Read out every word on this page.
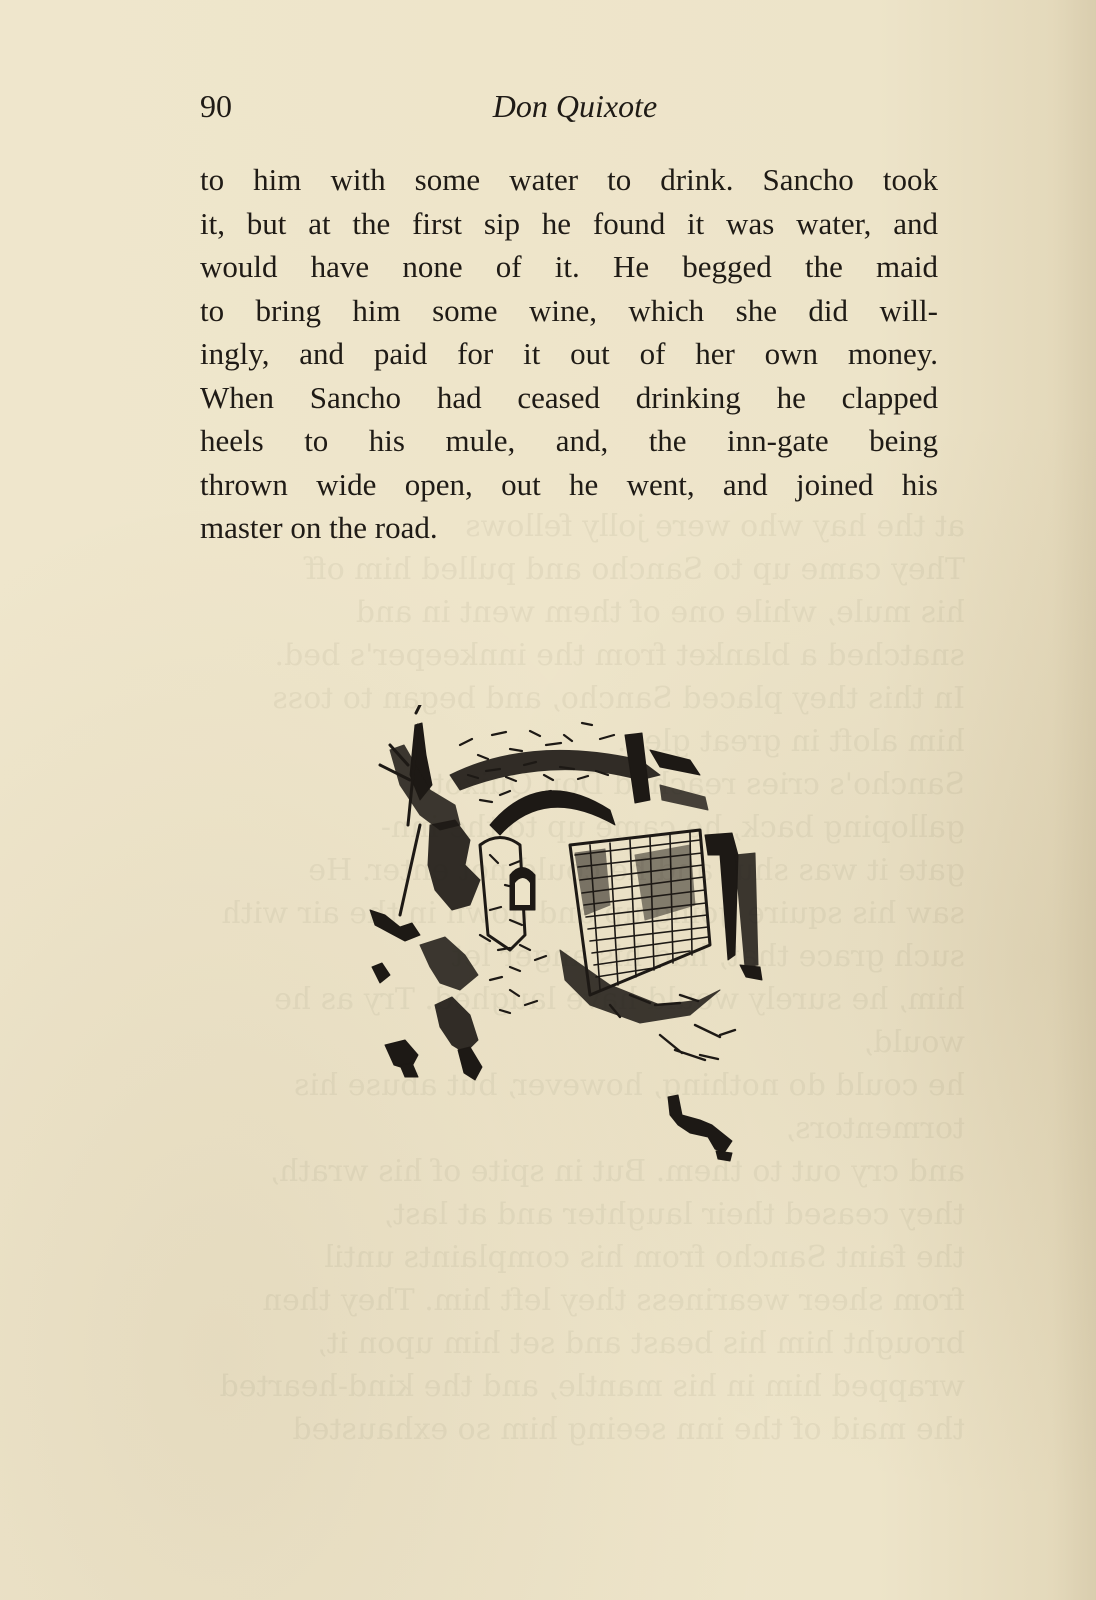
at the hay who were jolly fellows
They came up to Sancho and pulled him off
his mule, while one of them went in and
snatched a blanket from the innkeeper's bed.
In this they placed Sancho, and began to toss
him aloft in great glee.
Sancho's cries reached Don
galloping back, he came up to the inn-
gate it was he could not enter. He
saw his squire going up and down in air with
such grace had his anger let
him, he surely would laughed. Try as he would,
he could do nothing, however, but abuse his tormentors,
and cry out to them. But in spite of his wrath,
they ceased their laughter and at last,
the faint Sancho from his complaints until
from sheer weariness they left him. They then
brought him his beast and set him upon it,
wrapped him in his mantle, and the kind-hearted
the maid of the inn seeing him so exhausted
90	Don Quixote
to him with some water to drink. Sancho took
it, but at the first sip he found it was water, and
would have none of it. He begged the maid
to bring him some wine, which she did will-
ingly, and paid for it out of her own money.
When Sancho had ceased drinking he clapped
heels to his mule, and, the inn-gate being
thrown wide open, out he went, and joined his
master on the road.
